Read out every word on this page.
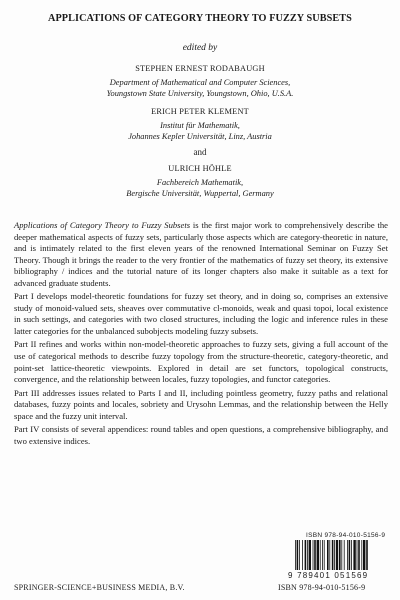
APPLICATIONS OF CATEGORY THEORY TO FUZZY SUBSETS
edited by
STEPHEN ERNEST RODABAUGH
Department of Mathematical and Computer Sciences,
Youngstown State University, Youngstown, Ohio, U.S.A.
ERICH PETER KLEMENT
Institut für Mathematik,
Johannes Kepler Universität, Linz, Austria
and
ULRICH HÖHLE
Fachbereich Mathematik,
Bergische Universität, Wuppertal, Germany

Applications of Category Theory to Fuzzy Subsets is the first major work to comprehensively describe the deeper mathematical aspects of fuzzy sets, particularly those aspects which are category-theoretic in nature, and is intimately related to the first eleven years of the renowned International Seminar on Fuzzy Set Theory. Though it brings the reader to the very frontier of the mathematics of fuzzy set theory, its extensive bibliography / indices and the tutorial nature of its longer chapters also make it suitable as a text for advanced graduate students.

Part I develops model-theoretic foundations for fuzzy set theory, and in doing so, comprises an extensive study of monoid-valued sets, sheaves over commutative cl-monoids, weak and quasi topoi, local existence in such settings, and categories with two closed structures, including the logic and inference rules in these latter categories for the unbalanced subobjects modeling fuzzy subsets.

Part II refines and works within non-model-theoretic approaches to fuzzy sets, giving a full account of the use of categorical methods to describe fuzzy topology from the structure-theoretic, category-theoretic, and point-set lattice-theoretic viewpoints. Explored in detail are set functors, topological constructs, convergence, and the relationship between locales, fuzzy topologies, and functor categories.

Part III addresses issues related to Parts I and II, including pointless geometry, fuzzy paths and relational databases, fuzzy points and locales, sobriety and Urysohn Lemmas, and the relationship between the Helly space and the fuzzy unit interval.

Part IV consists of several appendices: round tables and open questions, a comprehensive bibliography, and two extensive indices.

ISBN 978-94-010-5156-9
9 789401 051569
SPRINGER-SCIENCE+BUSINESS MEDIA, B.V.	ISBN 978-94-010-5156-9
